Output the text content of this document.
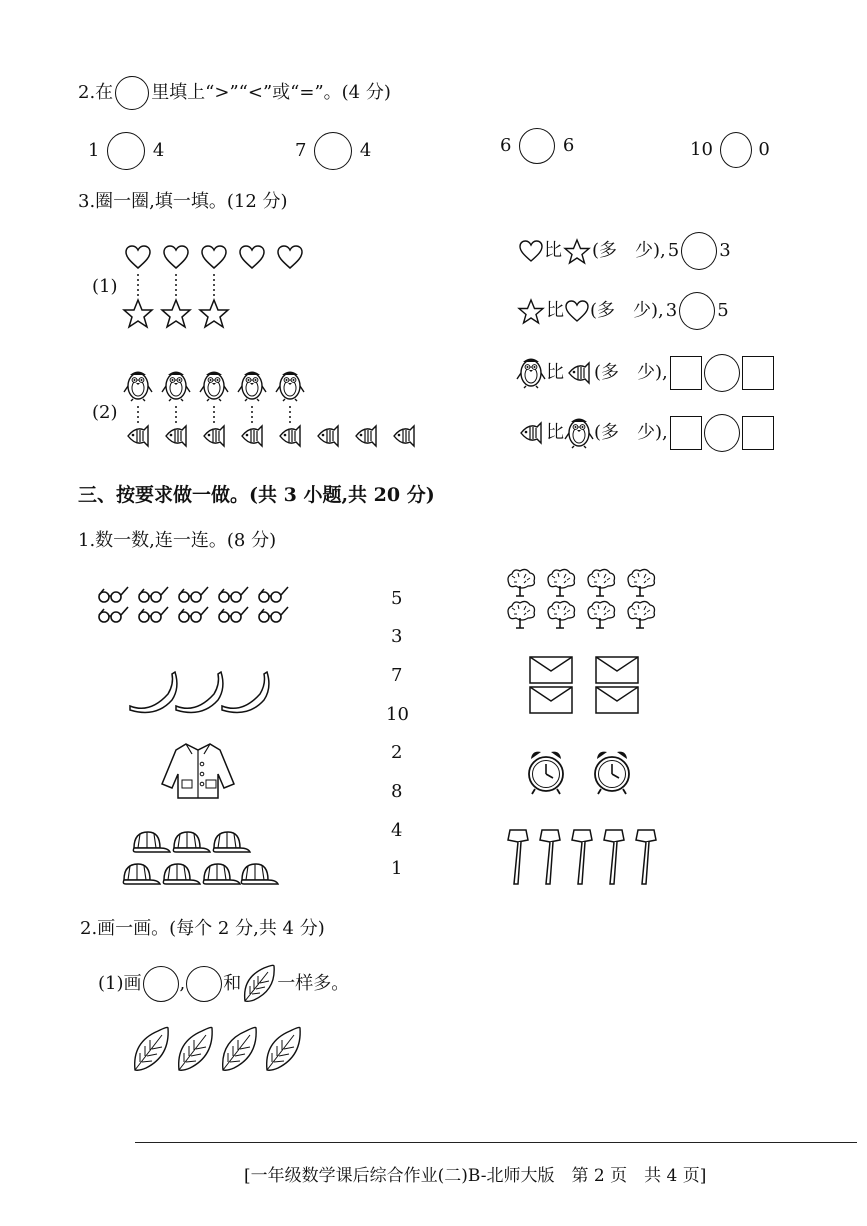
2.在 里填上“>”“<”或“=”。(4 分)
1	4	7	4	6	6	10	0
3.圈一圈,填一填。(12 分)
(1)
(2)
比 (多　少), 5 3
比 (多　少), 3 5
比 (多　少),
比 (多　少),
三、按要求做一做。(共 3 小题,共 20 分)
1.数一数,连一连。(8 分)
5
3
7
10
2
8
4
1
2.画一画。(每个 2 分,共 4 分)
(1)画 , 和 一样多。
[一年级数学课后综合作业(二)B-北师大版　第 2 页　共 4 页]
